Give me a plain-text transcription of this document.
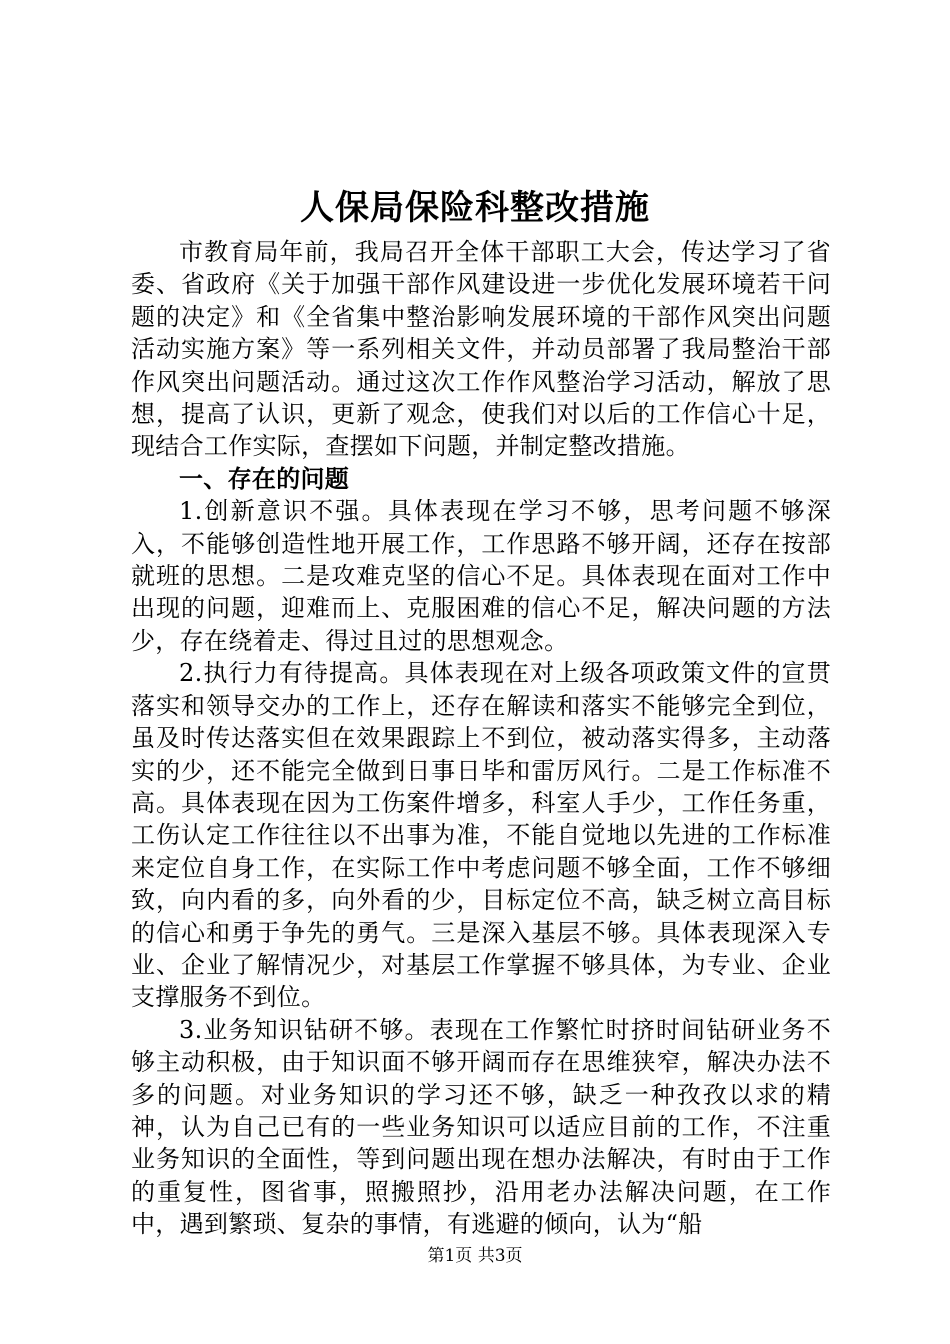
人保局保险科整改措施

市教育局年前，我局召开全体干部职工大会，传达学习了省委、省政府《关于加强干部作风建设进一步优化发展环境若干问题的决定》和《全省集中整治影响发展环境的干部作风突出问题活动实施方案》等一系列相关文件，并动员部署了我局整治干部作风突出问题活动。通过这次工作作风整治学习活动，解放了思想，提高了认识，更新了观念，使我们对以后的工作信心十足，现结合工作实际，查摆如下问题，并制定整改措施。

一、存在的问题

1.创新意识不强。具体表现在学习不够，思考问题不够深入，不能够创造性地开展工作，工作思路不够开阔，还存在按部就班的思想。二是攻难克坚的信心不足。具体表现在面对工作中出现的问题，迎难而上、克服困难的信心不足，解决问题的方法少，存在绕着走、得过且过的思想观念。

2.执行力有待提高。具体表现在对上级各项政策文件的宣贯落实和领导交办的工作上，还存在解读和落实不能够完全到位，虽及时传达落实但在效果跟踪上不到位，被动落实得多，主动落实的少，还不能完全做到日事日毕和雷厉风行。二是工作标准不高。具体表现在因为工伤案件增多，科室人手少，工作任务重，工伤认定工作往往以不出事为准，不能自觉地以先进的工作标准来定位自身工作，在实际工作中考虑问题不够全面，工作不够细致，向内看的多，向外看的少，目标定位不高，缺乏树立高目标的信心和勇于争先的勇气。三是深入基层不够。具体表现深入专业、企业了解情况少，对基层工作掌握不够具体，为专业、企业支撑服务不到位。

3.业务知识钻研不够。表现在工作繁忙时挤时间钻研业务不够主动积极，由于知识面不够开阔而存在思维狭窄，解决办法不多的问题。对业务知识的学习还不够，缺乏一种孜孜以求的精神，认为自己已有的一些业务知识可以适应目前的工作，不注重业务知识的全面性，等到问题出现在想办法解决，有时由于工作的重复性，图省事，照搬照抄，沿用老办法解决问题，在工作中，遇到繁琐、复杂的事情，有逃避的倾向，认为“船

第1页 共3页
